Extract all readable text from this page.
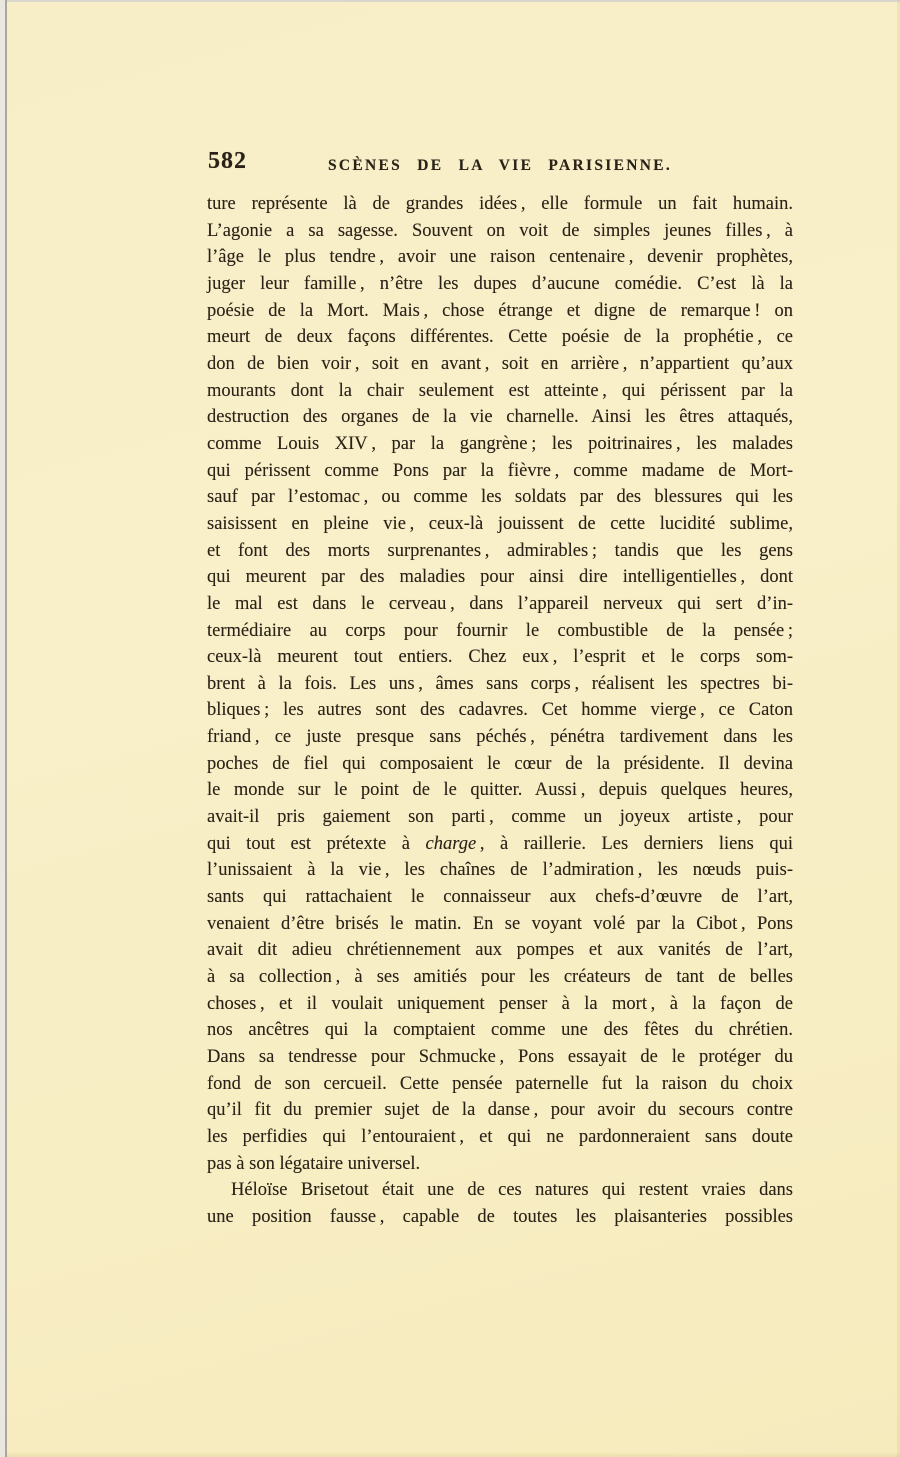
582	SCÈNES DE LA VIE PARISIENNE.
ture représente là de grandes idées , elle formule un fait humain.
L’agonie a sa sagesse. Souvent on voit de simples jeunes filles , à
l’âge le plus tendre , avoir une raison centenaire , devenir prophètes,
juger leur famille , n’être les dupes d’aucune comédie. C’est là la
poésie de la Mort. Mais , chose étrange et digne de remarque ! on
meurt de deux façons différentes. Cette poésie de la prophétie , ce
don de bien voir , soit en avant , soit en arrière , n’appartient qu’aux
mourants dont la chair seulement est atteinte , qui périssent par la
destruction des organes de la vie charnelle. Ainsi les êtres attaqués,
comme Louis XIV , par la gangrène ; les poitrinaires , les malades
qui périssent comme Pons par la fièvre , comme madame de Mort-
sauf par l’estomac , ou comme les soldats par des blessures qui les
saisissent en pleine vie , ceux-là jouissent de cette lucidité sublime,
et font des morts surprenantes , admirables ; tandis que les gens
qui meurent par des maladies pour ainsi dire intelligentielles , dont
le mal est dans le cerveau , dans l’appareil nerveux qui sert d’in-
termédiaire au corps pour fournir le combustible de la pensée ;
ceux-là meurent tout entiers. Chez eux , l’esprit et le corps som-
brent à la fois. Les uns , âmes sans corps , réalisent les spectres bi-
bliques ; les autres sont des cadavres. Cet homme vierge , ce Caton
friand , ce juste presque sans péchés , pénétra tardivement dans les
poches de fiel qui composaient le cœur de la présidente. Il devina
le monde sur le point de le quitter. Aussi , depuis quelques heures,
avait-il pris gaiement son parti , comme un joyeux artiste , pour
qui tout est prétexte à charge , à raillerie. Les derniers liens qui
l’unissaient à la vie , les chaînes de l’admiration , les nœuds puis-
sants qui rattachaient le connaisseur aux chefs-d’œuvre de l’art,
venaient d’être brisés le matin. En se voyant volé par la Cibot , Pons
avait dit adieu chrétiennement aux pompes et aux vanités de l’art,
à sa collection , à ses amitiés pour les créateurs de tant de belles
choses , et il voulait uniquement penser à la mort , à la façon de
nos ancêtres qui la comptaient comme une des fêtes du chrétien.
Dans sa tendresse pour Schmucke , Pons essayait de le protéger du
fond de son cercueil. Cette pensée paternelle fut la raison du choix
qu’il fit du premier sujet de la danse , pour avoir du secours contre
les perfidies qui l’entouraient , et qui ne pardonneraient sans doute
pas à son légataire universel.
Héloïse Brisetout était une de ces natures qui restent vraies dans
une position fausse , capable de toutes les plaisanteries possibles
